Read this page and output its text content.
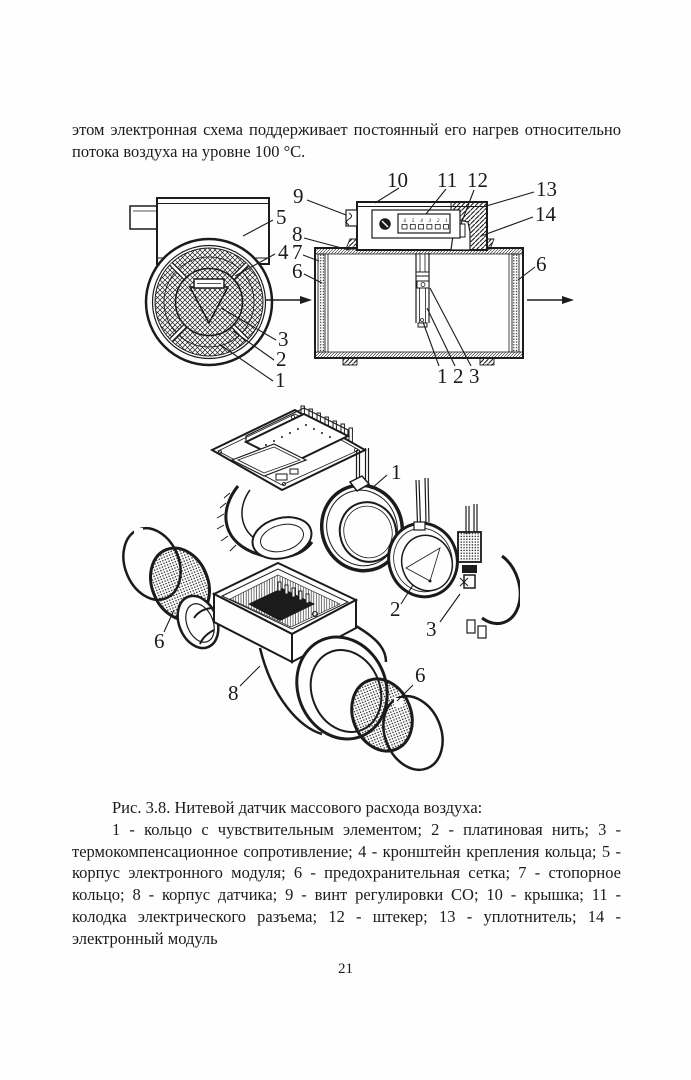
этом электронная схема поддерживает постоянный его нагрев относительно потока воздуха на уровне 100 °С.

5
4
3
2
1
6 5 4 3 2 1
9
10 11 12 13
14
8
7
6	6
1 2 3
1
2
3
6
8
6

Рис. 3.8. Нитевой датчик массового расхода воздуха:

1 - кольцо с чувствительным элементом; 2 - платиновая нить; 3 - термокомпенсационное сопротивление; 4 - кронштейн крепления кольца; 5 - корпус электронного модуля; 6 - предохранительная сетка; 7 - стопорное кольцо; 8 - корпус датчика; 9 - винт регулировки СО; 10 - крышка; 11 - колодка электрического разъема; 12 - штекер; 13 - уплотнитель; 14 - электронный модуль

21
